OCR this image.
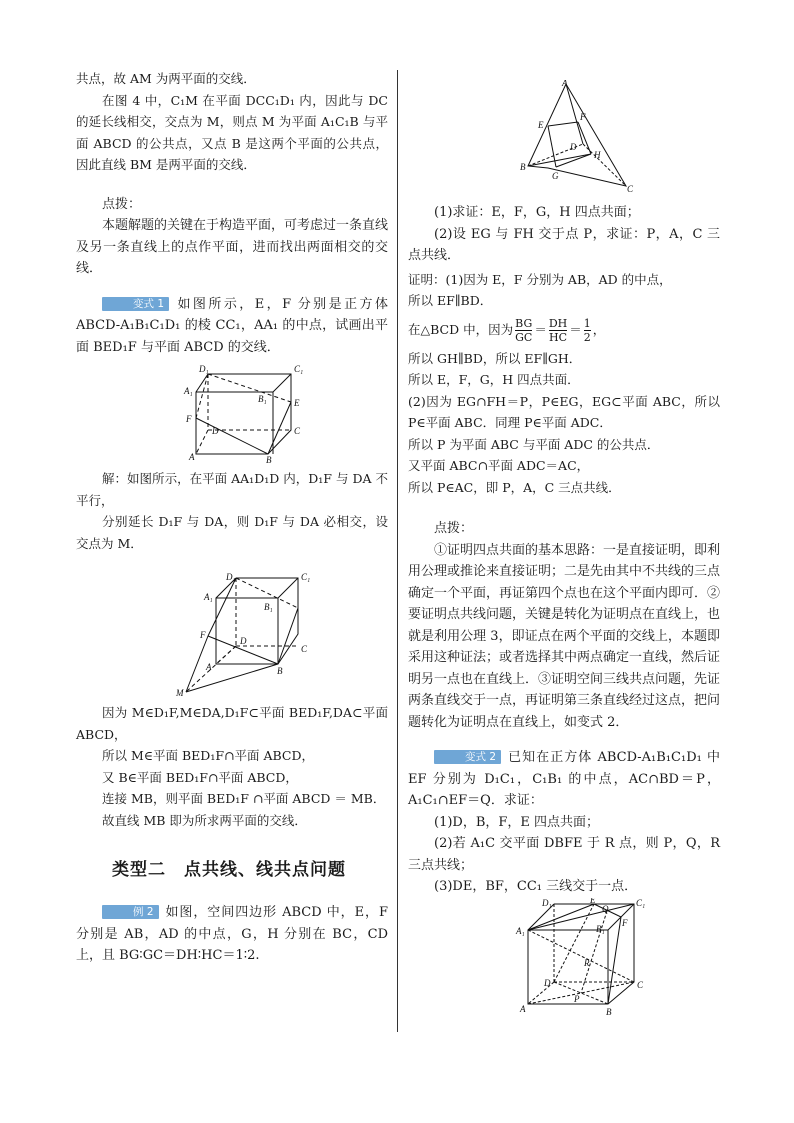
共点，故 AM 为两平面的交线．

在图 4 中，C₁M 在平面 DCC₁D₁ 内，因此与 DC 的延长线相交，交点为 M，则点 M 为平面 A₁C₁B 与平面 ABCD 的公共点，又点 B 是这两个平面的公共点，因此直线 BM 是两平面的交线．

点拨：

本题解题的关键在于构造平面，可考虑过一条直线及另一条直线上的点作平面，进而找出两面相交的交线．

变式 1 如图所示，E，F 分别是正方体 ABCD-A₁B₁C₁D₁ 的棱 CC₁，AA₁ 的中点，试画出平面 BED₁F 与平面 ABCD 的交线．

D₁	C₁
A₁
B₁	E
F
D	C
A	B

解：如图所示，在平面 AA₁D₁D 内，D₁F 与 DA 不平行，

分别延长 D₁F 与 DA，则 D₁F 与 DA 必相交，设交点为 M．

D₁	C₁
A₁
B₁
F
D
C
A	B
M

因为 M∈D₁F,M∈DA,D₁F⊂平面 BED₁F,DA⊂平面 ABCD，

所以 M∈平面 BED₁F∩平面 ABCD，

又 B∈平面 BED₁F∩平面 ABCD，

连接 MB，则平面 BED₁F ∩平面 ABCD ＝ MB．

故直线 MB 即为所求两平面的交线．

类型二　点共线、线共点问题

例 2 如图，空间四边形 ABCD 中，E，F 分别是 AB，AD 的中点，G，H 分别在 BC，CD 上，且 BG∶GC＝DH∶HC＝1∶2.

A
E
F
D
H
B
G
C

(1)求证：E，F，G，H 四点共面；

(2)设 EG 与 FH 交于点 P，求证：P，A，C 三点共线．

证明：(1)因为 E，F 分别为 AB，AD 的中点，

所以 EF∥BD．

在△BCD 中，因为 $\frac{BG}{GC} = \frac{DH}{HC} = \frac{1}{2}$ ，

所以 GH∥BD，所以 EF∥GH．

所以 E，F，G，H 四点共面．

(2)因为 EG∩FH＝P，P∈EG，EG⊂平面 ABC，所以 P∈平面 ABC．同理 P∈平面 ADC．

所以 P 为平面 ABC 与平面 ADC 的公共点．

又平面 ABC∩平面 ADC＝AC，

所以 P∈AC，即 P，A，C 三点共线．

点拨：

①证明四点共面的基本思路：一是直接证明，即利用公理或推论来直接证明；二是先由其中不共线的三点确定一个平面，再证第四个点也在这个平面内即可．②要证明点共线问题，关键是转化为证明点在直线上，也就是利用公理 3，即证点在两个平面的交线上，本题即采用这种证法；或者选择其中两点确定一直线，然后证明另一点也在直线上．③证明空间三线共点问题，先证两条直线交于一点，再证明第三条直线经过这点，把问题转化为证明点在直线上，如变式 2．

变式 2 已知在正方体 ABCD-A₁B₁C₁D₁ 中 EF 分别为 D₁C₁，C₁B₁ 的中点，AC∩BD＝P，A₁C₁∩EF＝Q．求证：

(1)D，B，F，E 四点共面；

(2)若 A₁C 交平面 DBFE 于 R 点，则 P，Q，R 三点共线；

(3)DE，BF，CC₁ 三线交于一点．

D₁	E
Q
C₁
A₁	B₁
F
R
D	C
A
P
B
